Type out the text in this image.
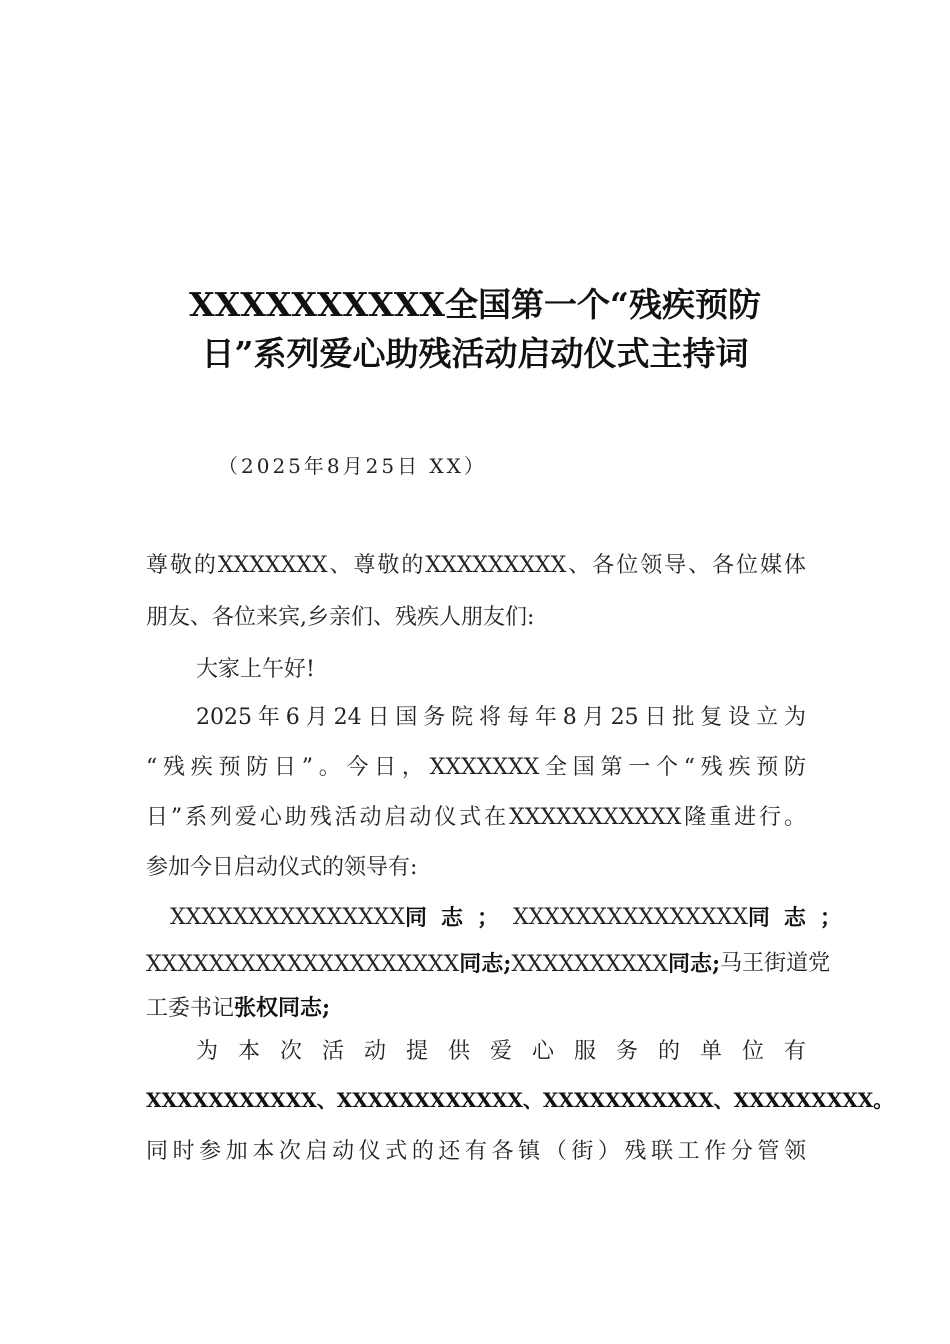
XXXXXXXXXX全国第一个“残疾预防
日”系列爱心助残活动启动仪式主持词
（2025年8月25日 XX）
尊敬的XXXXXXX、尊敬的XXXXXXXXX、各位领导、各位媒体
朋友、各位来宾,乡亲们、残疾人朋友们:
大家上午好!
2025年6月24日国务院将每年8月25日批复设立为
“残疾预防日”。今日，XXXXXXX全国第一个“残疾预防
日”系列爱心助残活动启动仪式在XXXXXXXXXXX隆重进行。
参加今日启动仪式的领导有:
XXXXXXXXXXXXXXX 同志； XXXXXXXXXXXXXXX 同志；
XXXXXXXXXXXXXXXXXXXX同志; XXXXXXXXXX同志; 马王街道党
工委书记张权同志;
为本次活动提供爱心服务的单位有
XXXXXXXXXXX、XXXXXXXXXXXX、XXXXXXXXXXX、XXXXXXXXX。
同时参加本次启动仪式的还有各镇（街）残联工作分管领
